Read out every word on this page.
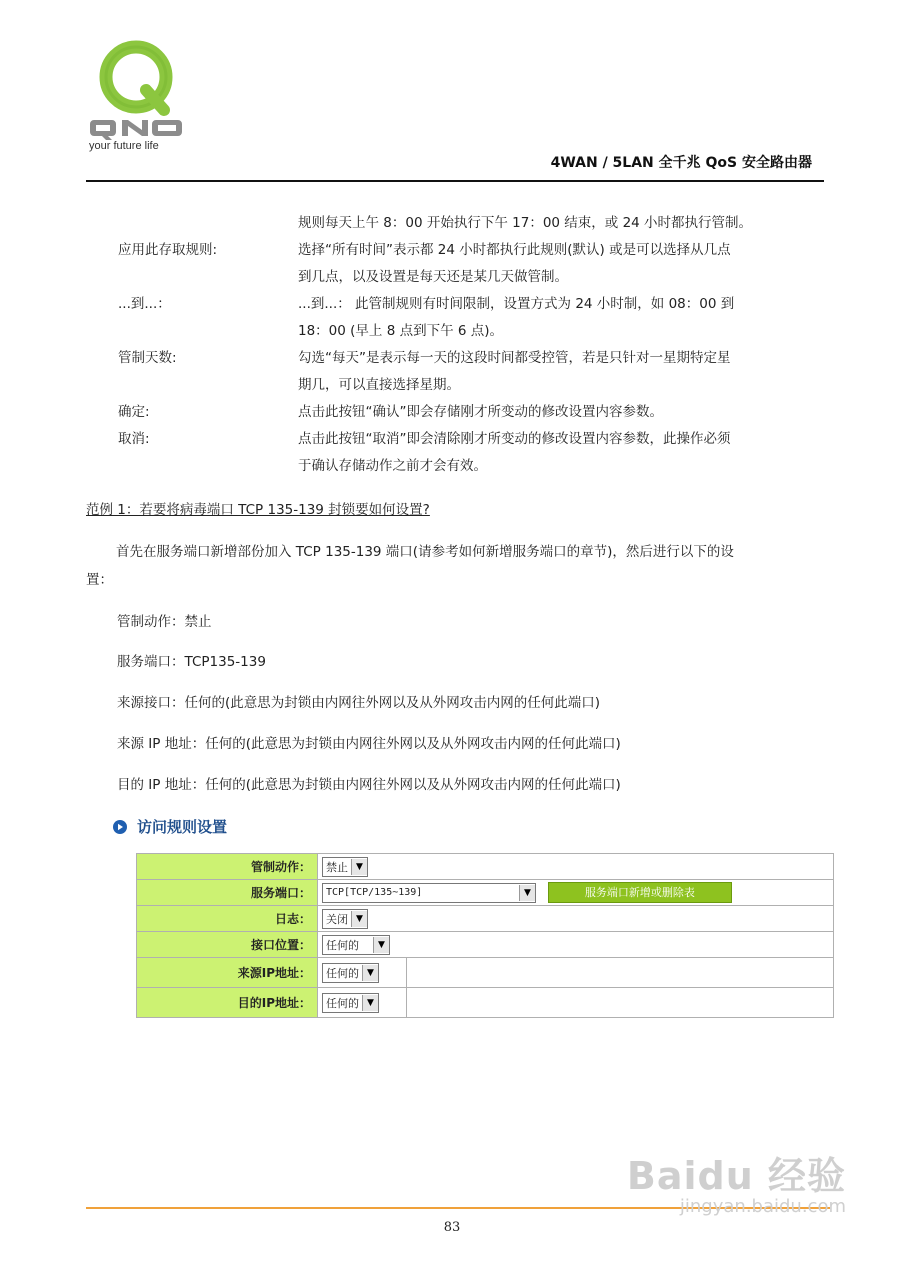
your future life
4WAN / 5LAN 全千兆 QoS 安全路由器
规则每天上午 8：00 开始执行下午 17：00 结束，或 24 小时都执行管制。
应用此存取规则:	选择“所有时间”表示都 24 小时都执行此规则(默认) 或是可以选择从几点
到几点，以及设置是每天还是某几天做管制。
...到...：	...到...： 此管制规则有时间限制，设置方式为 24 小时制，如 08：00 到
18：00 (早上 8 点到下午 6 点)。
管制天数:	勾选“每天”是表示每一天的这段时间都受控管，若是只针对一星期特定星
期几，可以直接选择星期。
确定:	点击此按钮“确认”即会存储刚才所变动的修改设置内容参数。
取消:	点击此按钮“取消”即会清除刚才所变动的修改设置内容参数，此操作必须
于确认存储动作之前才会有效。
范例 1：若要将病毒端口 TCP 135-139 封锁要如何设置?
首先在服务端口新增部份加入 TCP 135-139 端口(请参考如何新增服务端口的章节)，然后进行以下的设
置：
管制动作：禁止
服务端口：TCP135-139
来源接口：任何的(此意思为封锁由内网往外网以及从外网攻击内网的任何此端口)
来源 IP 地址：任何的(此意思为封锁由内网往外网以及从外网攻击内网的任何此端口)
目的 IP 地址：任何的(此意思为封锁由内网往外网以及从外网攻击内网的任何此端口)
访问规则设置
管制动作：	禁止 ▼	

服务端口：	TCP[TCP/135~139] ▼ 服务端口新增或删除表	
日志：	关闭 ▼	

接口位置：	任何的 ▼	

来源IP地址：	任何的 ▼	

目的IP地址：	任何的 ▼	

83
Baidu 经验
jingyan.baidu.com
